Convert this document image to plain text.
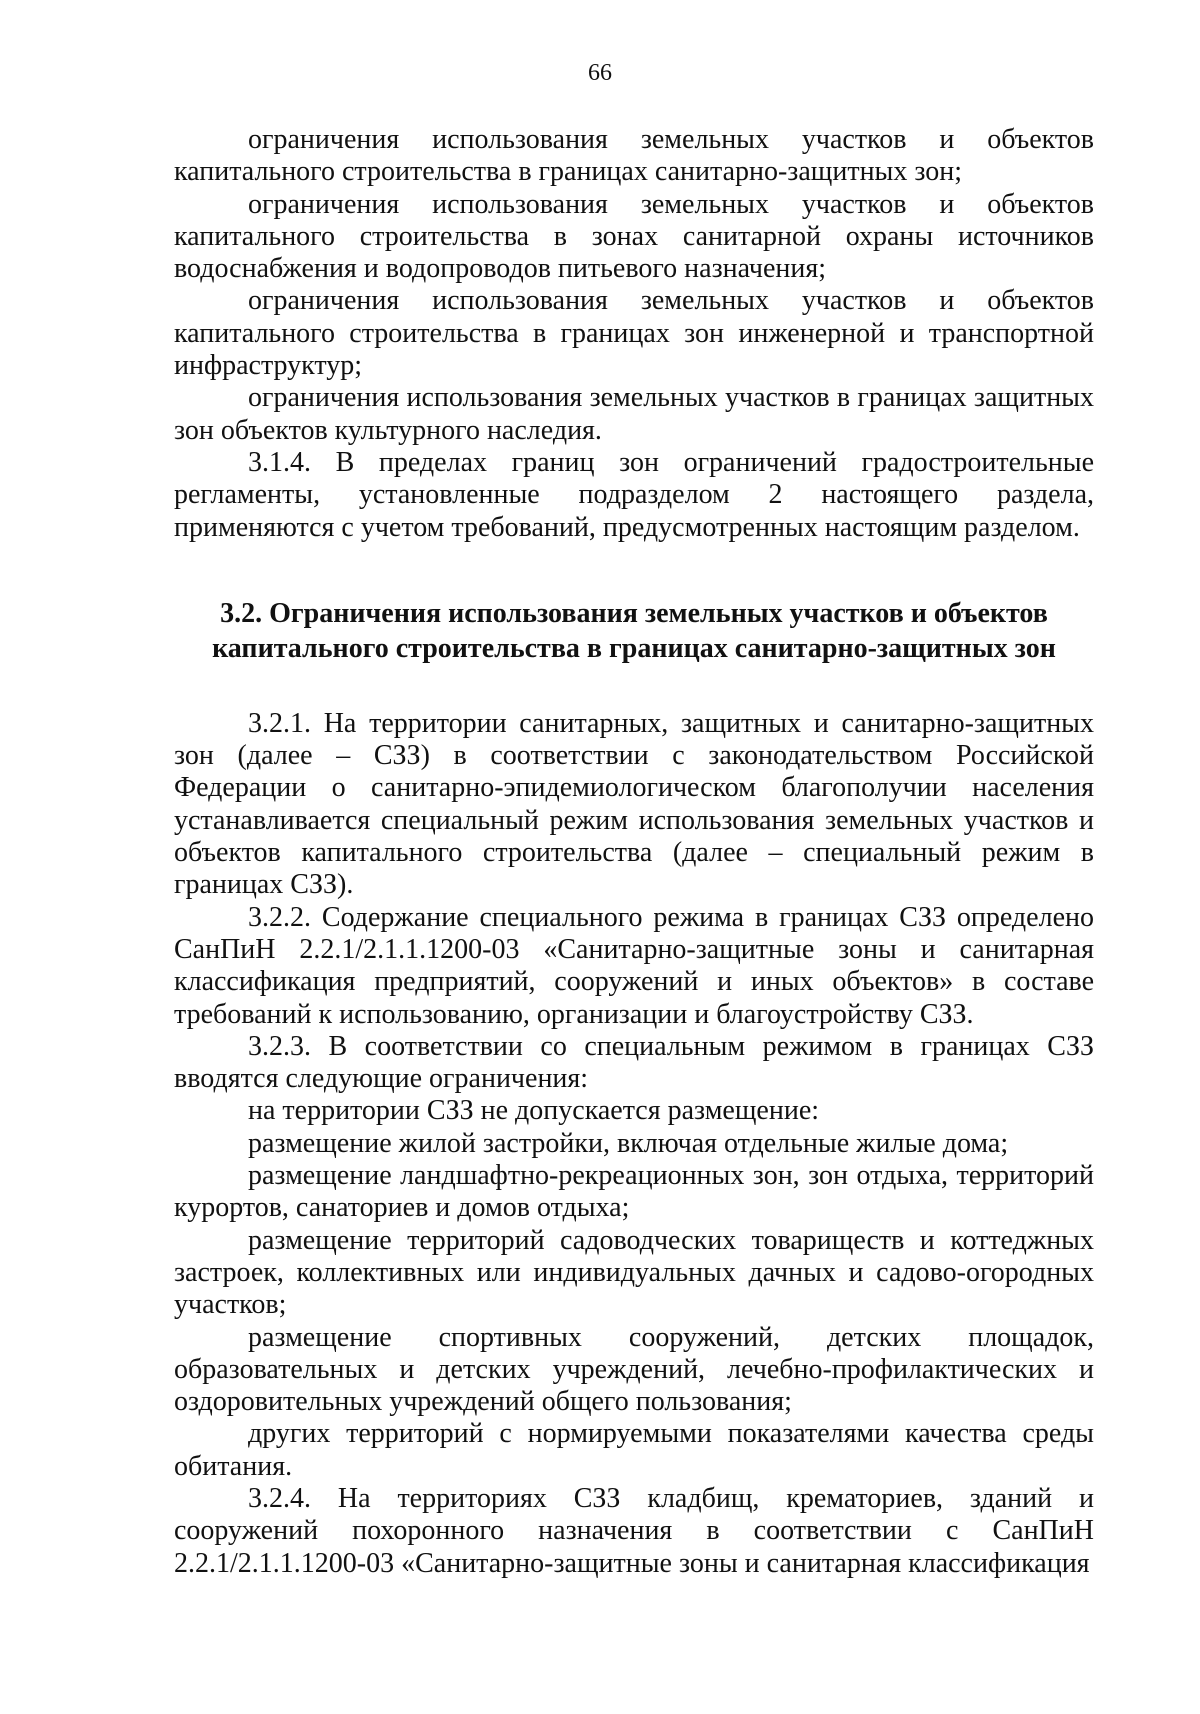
66

ограничения использования земельных участков и объектов капитального строительства в границах санитарно-защитных зон;

ограничения использования земельных участков и объектов капитального строительства в зонах санитарной охраны источников водоснабжения и водопроводов питьевого назначения;

ограничения использования земельных участков и объектов капитального строительства в границах зон инженерной и транспортной инфраструктур;

ограничения использования земельных участков в границах защитных зон объектов культурного наследия.

3.1.4. В пределах границ зон ограничений градостроительные регламенты, установленные подразделом 2 настоящего раздела, применяются с учетом требований, предусмотренных настоящим разделом.

3.2. Ограничения использования земельных участков и объектов
капитального строительства в границах санитарно-защитных зон

3.2.1. На территории санитарных, защитных и санитарно-защитных зон (далее – СЗЗ) в соответствии с законодательством Российской Федерации о санитарно-эпидемиологическом благополучии населения устанавливается специальный режим использования земельных участков и объектов капитального строительства (далее – специальный режим в границах СЗЗ).

3.2.2. Содержание специального режима в границах СЗЗ определено СанПиН 2.2.1/2.1.1.1200-03 «Санитарно-защитные зоны и санитарная классификация предприятий, сооружений и иных объектов» в составе требований к использованию, организации и благоустройству СЗЗ.

3.2.3. В соответствии со специальным режимом в границах СЗЗ вводятся следующие ограничения:

на территории СЗЗ не допускается размещение:

размещение жилой застройки, включая отдельные жилые дома;

размещение ландшафтно-рекреационных зон, зон отдыха, территорий курортов, санаториев и домов отдыха;

размещение территорий садоводческих товариществ и коттеджных застроек, коллективных или индивидуальных дачных и садово-огородных участков;

размещение спортивных сооружений, детских площадок, образовательных и детских учреждений, лечебно-профилактических и оздоровительных учреждений общего пользования;

других территорий с нормируемыми показателями качества среды обитания.

3.2.4. На территориях СЗЗ кладбищ, крематориев, зданий и сооружений похоронного назначения в соответствии с СанПиН 2.2.1/2.1.1.1200-03 «Санитарно-защитные зоны и санитарная классификация
